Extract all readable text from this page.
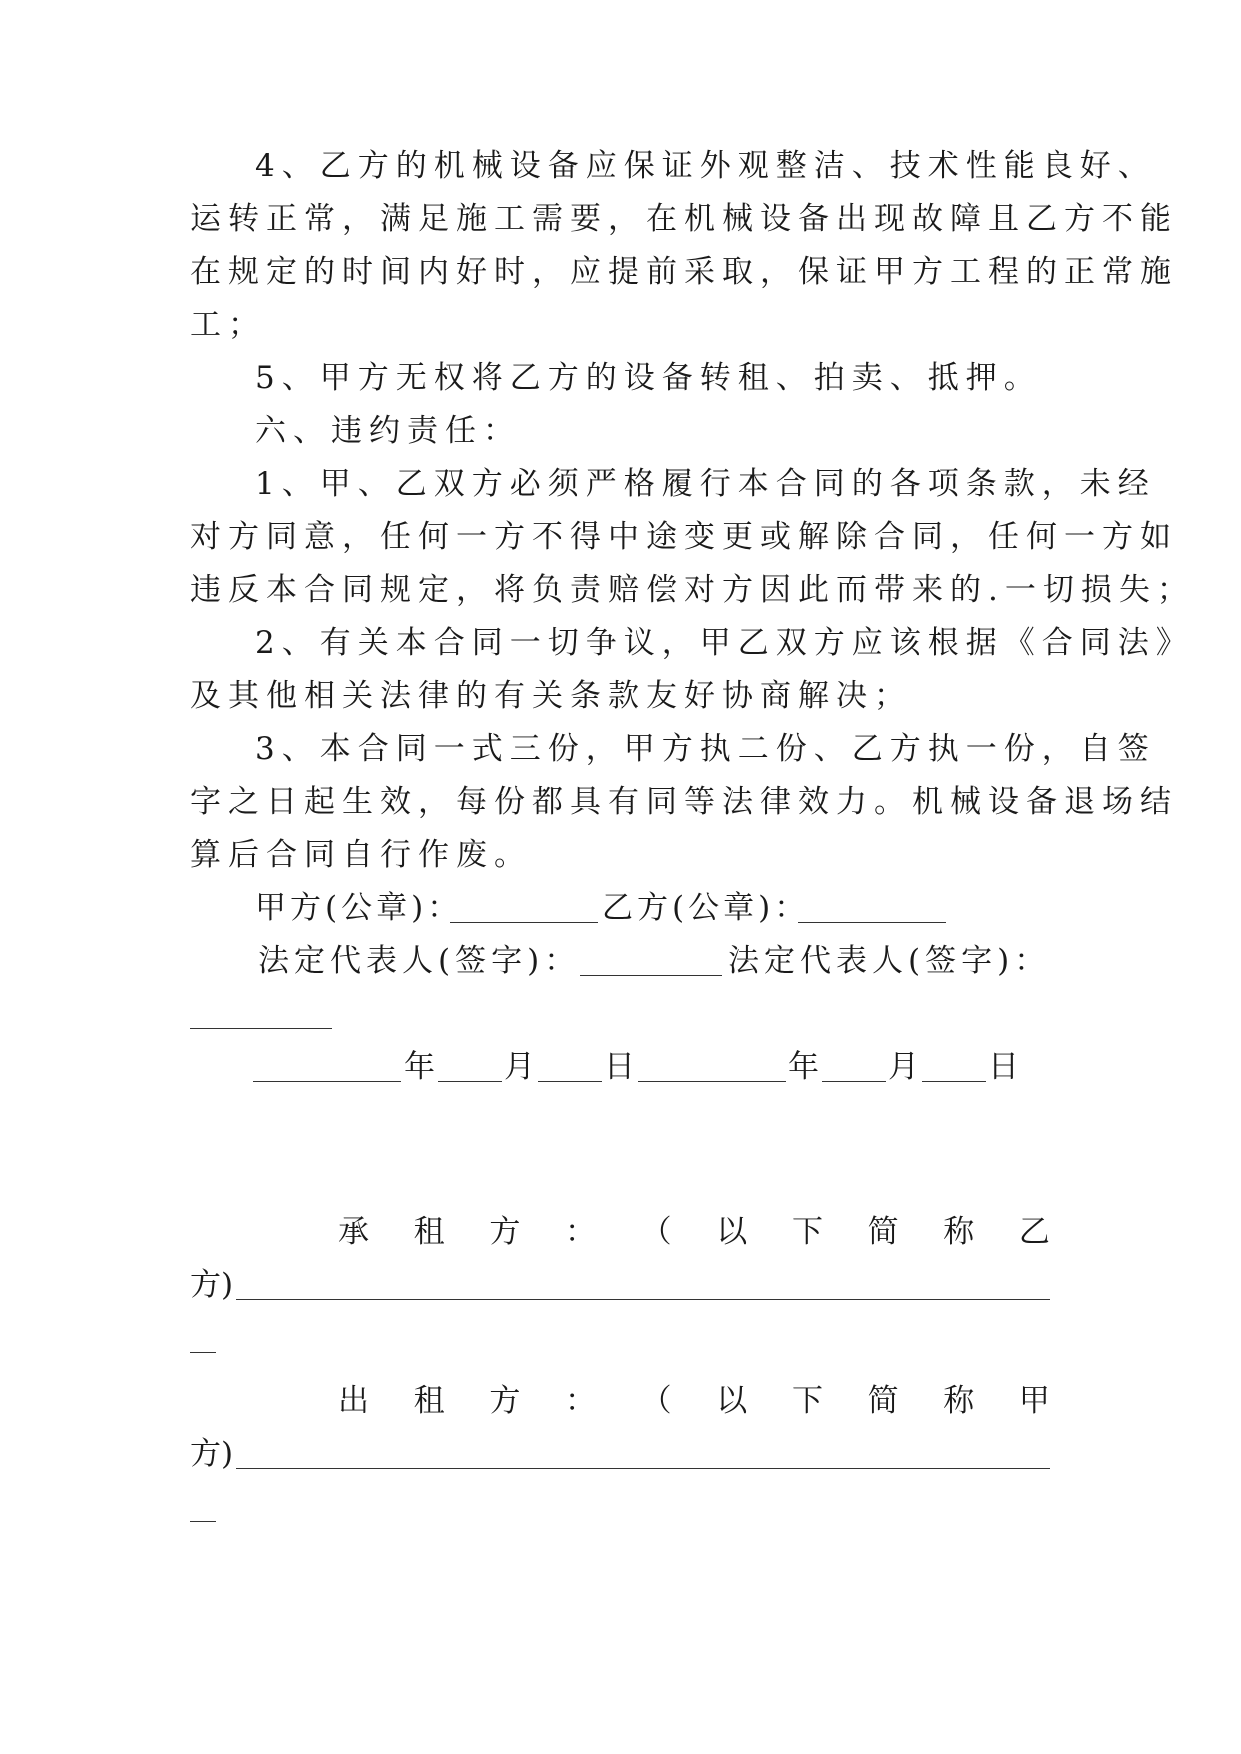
4、乙方的机械设备应保证外观整洁、技术性能良好、
运转正常，满足施工需要，在机械设备出现故障且乙方不能
在规定的时间内好时，应提前采取，保证甲方工程的正常施
工；
5、甲方无权将乙方的设备转租、拍卖、抵押。
六、违约责任：
1、甲、乙双方必须严格履行本合同的各项条款，未经
对方同意，任何一方不得中途变更或解除合同，任何一方如
违反本合同规定，将负责赔偿对方因此而带来的.一切损失；
2、有关本合同一切争议，甲乙双方应该根据《合同法》
及其他相关法律的有关条款友好协商解决；
3、本合同一式三份，甲方执二份、乙方执一份，自签
字之日起生效，每份都具有同等法律效力。机械设备退场结
算后合同自行作废。
甲方(公章)：	乙方(公章)：
法定代表人(签字)：	法定代表人(签字)：
年 月 日	年 月 日
承 租 方 ： （ 以 下 简 称 乙
方)
出 租 方 ： （ 以 下 简 称 甲
方)
